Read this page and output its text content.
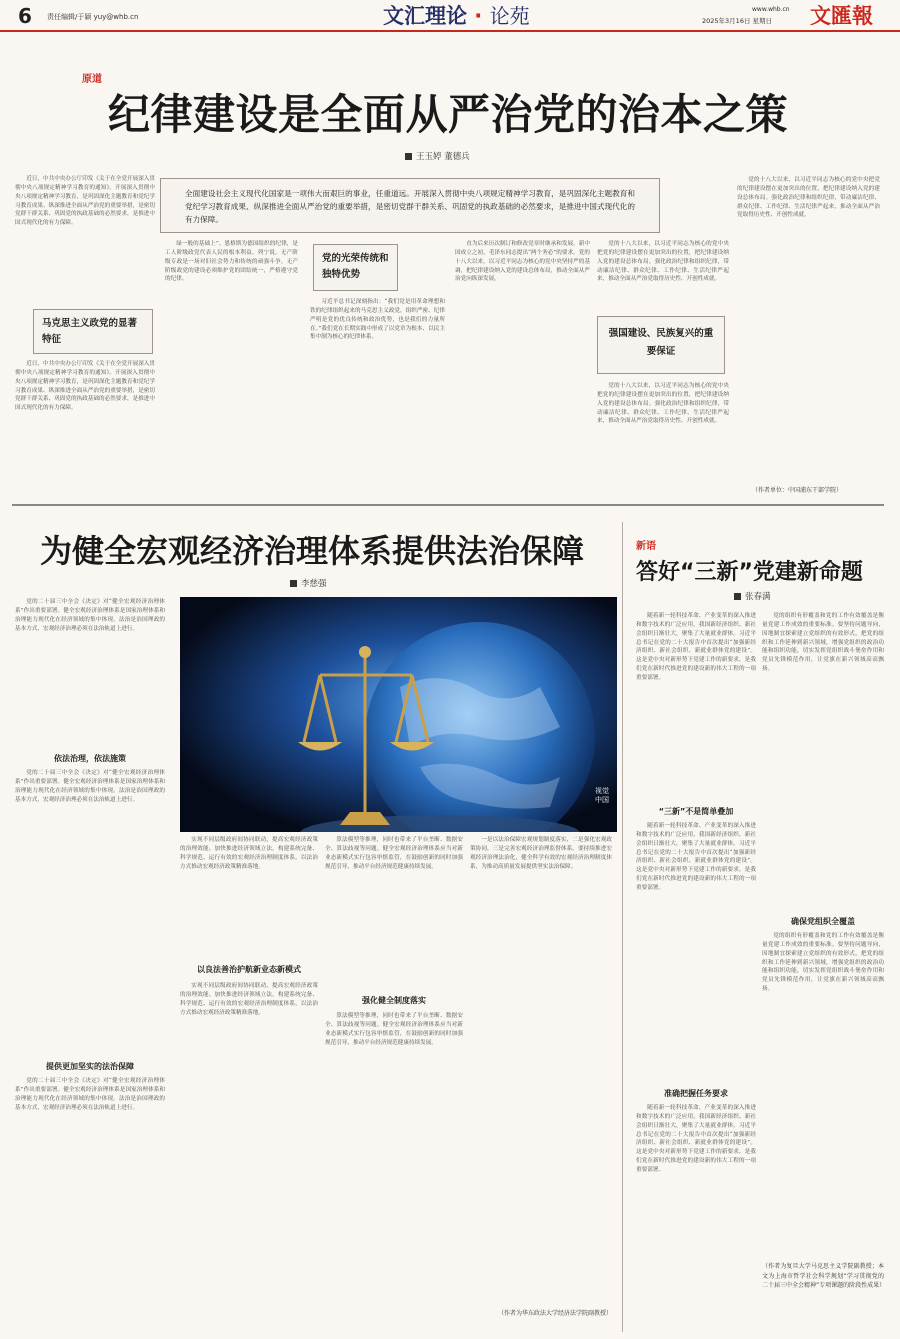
6 责任编辑/于颖 yuy@whb.cn	文汇理论 · 论苑	www.whb.cn
2025年3月16日 星期日 文匯報
原道
纪律建设是全面从严治党的治本之策
王玉婷 董德兵
全面建设社会主义现代化国家是一项伟大而艰巨的事业，任重道远。开展深入贯彻中央八项规定精神学习教育，是巩固深化主题教育和党纪学习教育成果、纵深推进全面从严治党的重要举措，是密切党群干群关系、巩固党的执政基础的必然要求，是推进中国式现代化的有力保障。
近日，中共中央办公厅印发《关于在全党开展深入贯彻中央八项规定精神学习教育的通知》。开展深入贯彻中央八项规定精神学习教育，是巩固深化主题教育和党纪学习教育成果、纵深推进全面从严治党的重要举措，是密切党群干群关系、巩固党的执政基础的必然要求，是推进中国式现代化的有力保障。
马克思主义政党的显著特征
近日，中共中央办公厅印发《关于在全党开展深入贯彻中央八项规定精神学习教育的通知》。开展深入贯彻中央八项规定精神学习教育，是巩固深化主题教育和党纪学习教育成果、纵深推进全面从严治党的重要举措，是密切党群干群关系、巩固党的执政基础的必然要求，是推进中国式现代化的有力保障。
绿一般的基础上”。恩格斯为德国组织的纪律，是工人阶级政党代表人民的根本利益。列宁说，无产阶级专政是一场对旧社会势力和传统的顽强斗争。无产阶级政党的建设必须维护党的团结统一，严格遵守党的纪律。
党的光荣传统和独特优势
习近平总书记深刻指出：“我们党是用革命理想和铁的纪律组织起来的马克思主义政党，组织严密、纪律严明是党的优良传统和政治优势，也是我们的力量所在。”我们党在长期实践中形成了以党章为根本、以民主集中制为核心的纪律体系。
直为后来历次制订和修改党章时继承和发展。新中国成立之初，毛泽东同志提出“两个务必”的要求。党的十八大以来，以习近平同志为核心的党中央坚持严的基调，把纪律建设纳入党的建设总体布局，推动全面从严治党向纵深发展。
党的十八大以来，以习近平同志为核心的党中央把党的纪律建设摆在更加突出的位置，把纪律建设纳入党的建设总体布局。强化政治纪律和组织纪律，带动廉洁纪律、群众纪律、工作纪律、生活纪律严起来，推动全面从严治党取得历史性、开创性成就。
强国建设、民族复兴的重要保证
党的十八大以来，以习近平同志为核心的党中央把党的纪律建设摆在更加突出的位置，把纪律建设纳入党的建设总体布局。强化政治纪律和组织纪律，带动廉洁纪律、群众纪律、工作纪律、生活纪律严起来，推动全面从严治党取得历史性、开创性成就。
党的十八大以来，以习近平同志为核心的党中央把党的纪律建设摆在更加突出的位置，把纪律建设纳入党的建设总体布局。强化政治纪律和组织纪律，带动廉洁纪律、群众纪律、工作纪律、生活纪律严起来，推动全面从严治党取得历史性、开创性成就。
（作者单位：中国浦东干部学院）
为健全宏观经济治理体系提供法治保障
李慈强
党的二十届三中全会《决定》对“健全宏观经济治理体系”作出重要部署。健全宏观经济治理体系是国家治理体系和治理能力现代化在经济领域的集中体现。法治是治国理政的基本方式，宏观经济治理必须在法治轨道上进行。
依法治理，依法施策
党的二十届三中全会《决定》对“健全宏观经济治理体系”作出重要部署。健全宏观经济治理体系是国家治理体系和治理能力现代化在经济领域的集中体现。法治是治国理政的基本方式，宏观经济治理必须在法治轨道上进行。
提供更加坚实的法治保障
党的二十届三中全会《决定》对“健全宏观经济治理体系”作出重要部署。健全宏观经济治理体系是国家治理体系和治理能力现代化在经济领域的集中体现。法治是治国理政的基本方式，宏观经济治理必须在法治轨道上进行。
视觉中国
实现不同层级政府间协同联动，提高宏观经济政策的治理效能。加快推进经济领域立法，构建系统完备、科学规范、运行有效的宏观经济治理制度体系，以法治方式推动宏观经济政策精准落地。
以良法善治护航新业态新模式
实现不同层级政府间协同联动，提高宏观经济政策的治理效能。加快推进经济领域立法，构建系统完备、科学规范、运行有效的宏观经济治理制度体系，以法治方式推动宏观经济政策精准落地。
算法模型等推理，同时也带来了平台垄断、数据安全、算法歧视等问题。健全宏观经济治理体系应当对新业态新模式实行包容审慎监管，在鼓励创新的同时加强规范引导，推动平台经济规范健康持续发展。
强化健全制度落实
算法模型等推理，同时也带来了平台垄断、数据安全、算法歧视等问题。健全宏观经济治理体系应当对新业态新模式实行包容审慎监管，在鼓励创新的同时加强规范引导，推动平台经济规范健康持续发展。
一是以法治保障宏观规划制度落实，二是强化宏观政策协同，三是完善宏观经济治理监督体系。要持续推进宏观经济治理法治化，健全科学有效的宏观经济治理制度体系，为推动高质量发展提供坚实法治保障。
（作者为华东政法大学经济法学院副教授）
新语
答好“三新”党建新命题
张春满
随着新一轮科技革命、产业变革的深入推进和数字技术的广泛应用，我国新经济组织、新社会组织日渐壮大，聚集了大量就业群体。习近平总书记在党的二十大报告中首次提出“加强新经济组织、新社会组织、新就业群体党的建设”。这是党中央对新形势下党建工作的新要求，是我们党在新时代推进党的建设新的伟大工程的一项重要部署。
“三新”不是简单叠加
随着新一轮科技革命、产业变革的深入推进和数字技术的广泛应用，我国新经济组织、新社会组织日渐壮大，聚集了大量就业群体。习近平总书记在党的二十大报告中首次提出“加强新经济组织、新社会组织、新就业群体党的建设”。这是党中央对新形势下党建工作的新要求，是我们党在新时代推进党的建设新的伟大工程的一项重要部署。
准确把握任务要求
随着新一轮科技革命、产业变革的深入推进和数字技术的广泛应用，我国新经济组织、新社会组织日渐壮大，聚集了大量就业群体。习近平总书记在党的二十大报告中首次提出“加强新经济组织、新社会组织、新就业群体党的建设”。这是党中央对新形势下党建工作的新要求，是我们党在新时代推进党的建设新的伟大工程的一项重要部署。
党的组织有形覆盖和党的工作有效覆盖是衡量党建工作成效的重要标准。要坚持问题导向，因地制宜探索建立党组织的有效形式，把党的组织和工作延伸到新兴领域，增强党组织的政治功能和组织功能，切实发挥党组织战斗堡垒作用和党员先锋模范作用，让党旗在新兴领域高高飘扬。
确保党组织全覆盖
党的组织有形覆盖和党的工作有效覆盖是衡量党建工作成效的重要标准。要坚持问题导向，因地制宜探索建立党组织的有效形式，把党的组织和工作延伸到新兴领域，增强党组织的政治功能和组织功能，切实发挥党组织战斗堡垒作用和党员先锋模范作用，让党旗在新兴领域高高飘扬。
（作者为复旦大学马克思主义学院副教授；本文为上海市哲学社会科学规划“学习贯彻党的二十届三中全会精神”专项课题的阶段性成果）
